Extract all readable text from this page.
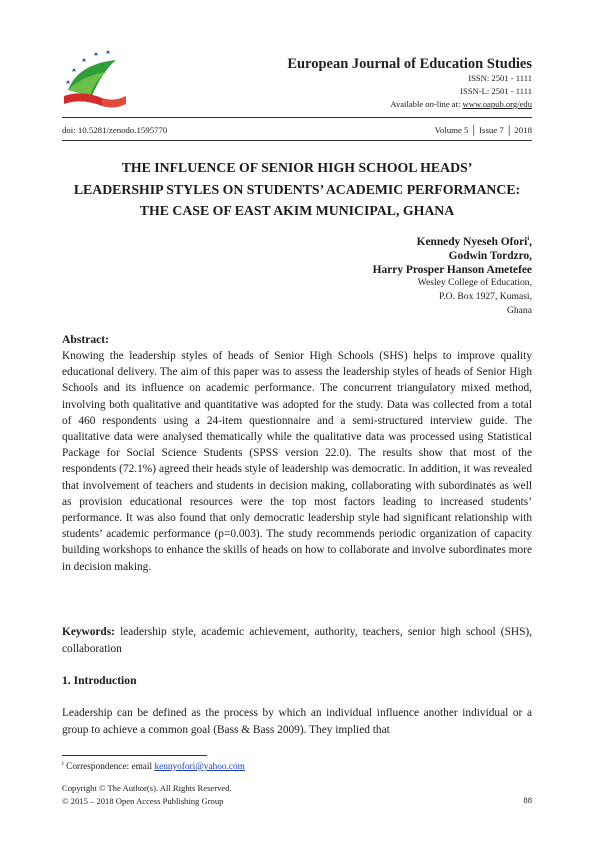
European Journal of Education Studies
ISSN: 2501 - 1111
ISSN-L: 2501 - 1111
Available on-line at: www.oapub.org/edu
doi: 10.5281/zenodo.1595770	Volume 5 │ Issue 7 │ 2018
THE INFLUENCE OF SENIOR HIGH SCHOOL HEADS’
LEADERSHIP STYLES ON STUDENTS’ ACADEMIC PERFORMANCE:
THE CASE OF EAST AKIM MUNICIPAL, GHANA
Kennedy Nyeseh Ofori$^i$,
Godwin Tordzro,
Harry Prosper Hanson Ametefee
Wesley College of Education,
P.O. Box 1927, Kumasi,
Ghana
Abstract:
Knowing the leadership styles of heads of Senior High Schools (SHS) helps to improve quality educational delivery. The aim of this paper was to assess the leadership styles of heads of Senior High Schools and its influence on academic performance. The concurrent triangulatory mixed method, involving both qualitative and quantitative was adopted for the study. Data was collected from a total of 460 respondents using a 24-item questionnaire and a semi-structured interview guide. The qualitative data were analysed thematically while the qualitative data was processed using Statistical Package for Social Science Students (SPSS version 22.0). The results show that most of the respondents (72.1%) agreed their heads style of leadership was democratic. In addition, it was revealed that involvement of teachers and students in decision making, collaborating with subordinates as well as provision educational resources were the top most factors leading to increased students’ performance. It was also found that only democratic leadership style had significant relationship with students’ academic performance (p=0.003). The study recommends periodic organization of capacity building workshops to enhance the skills of heads on how to collaborate and involve subordinates more in decision making.
Keywords: leadership style, academic achievement, authority, teachers, senior high school (SHS), collaboration
1. Introduction
Leadership can be defined as the process by which an individual influence another individual or a group to achieve a common goal (Bass & Bass 2009). They implied that
$^i$ Correspondence: email kennyofori@yahoo.com
Copyright © The Author(s). All Rights Reserved.
© 2015 – 2018 Open Access Publishing Group	88
